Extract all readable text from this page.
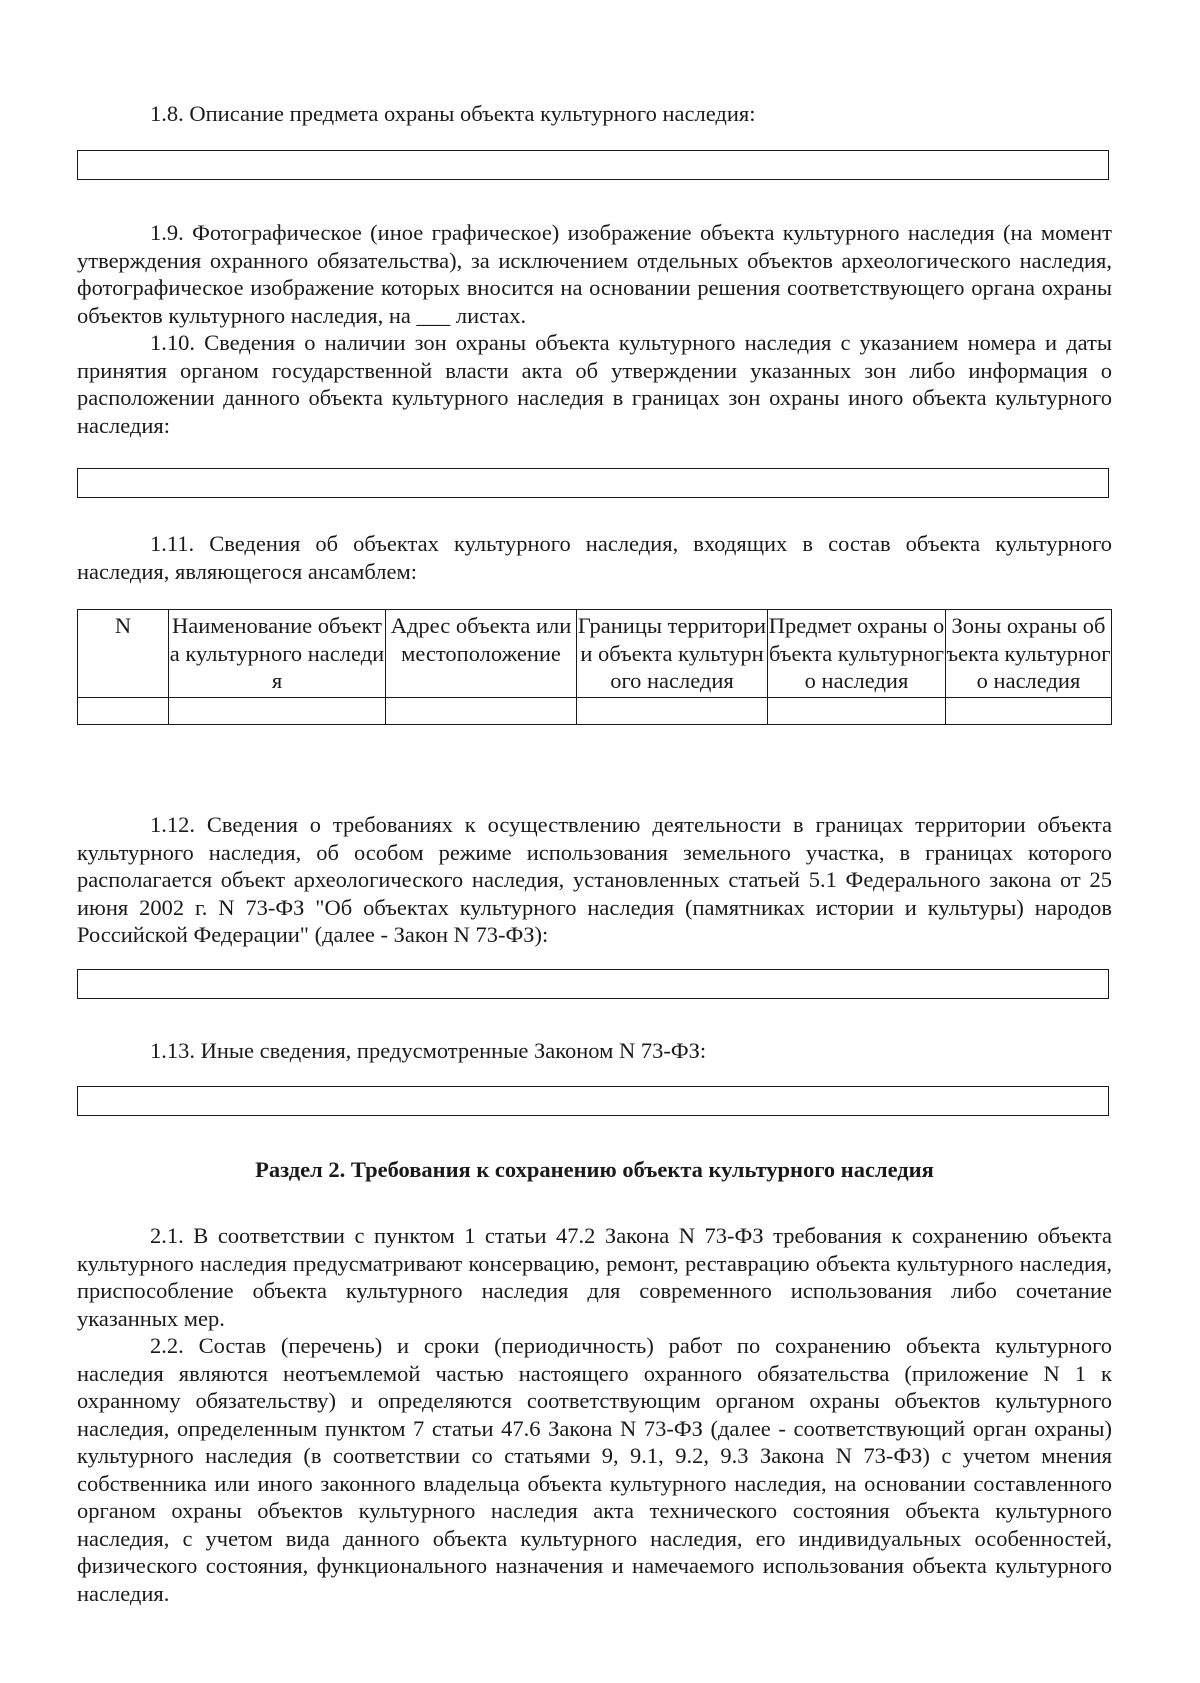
1.8. Описание предмета охраны объекта культурного наследия:

1.9. Фотографическое (иное графическое) изображение объекта культурного наследия (на момент утверждения охранного обязательства), за исключением отдельных объектов археологического наследия, фотографическое изображение которых вносится на основании решения соответствующего органа охраны объектов культурного наследия, на ___ листах.

1.10. Сведения о наличии зон охраны объекта культурного наследия с указанием номера и даты принятия органом государственной власти акта об утверждении указанных зон либо информация о расположении данного объекта культурного наследия в границах зон охраны иного объекта культурного наследия:

1.11. Сведения об объектах культурного наследия, входящих в состав объекта культурного наследия, являющегося ансамблем:

N	Наименование объекта культурного наследия	Адрес объекта или местоположение	Границы территории объекта культурного наследия	Предмет охраны объекта культурного наследия	Зоны охраны объекта культурного наследия

1.12. Сведения о требованиях к осуществлению деятельности в границах территории объекта культурного наследия, об особом режиме использования земельного участка, в границах которого располагается объект археологического наследия, установленных статьей 5.1 Федерального закона от 25 июня 2002 г. N 73-ФЗ "Об объектах культурного наследия (памятниках истории и культуры) народов Российской Федерации" (далее - Закон N 73-ФЗ):

1.13. Иные сведения, предусмотренные Законом N 73-ФЗ:

Раздел 2. Требования к сохранению объекта культурного наследия

2.1. В соответствии с пунктом 1 статьи 47.2 Закона N 73-ФЗ требования к сохранению объекта культурного наследия предусматривают консервацию, ремонт, реставрацию объекта культурного наследия, приспособление объекта культурного наследия для современного использования либо сочетание указанных мер.

2.2. Состав (перечень) и сроки (периодичность) работ по сохранению объекта культурного наследия являются неотъемлемой частью настоящего охранного обязательства (приложение N 1 к охранному обязательству) и определяются соответствующим органом охраны объектов культурного наследия, определенным пунктом 7 статьи 47.6 Закона N 73-ФЗ (далее - соответствующий орган охраны) культурного наследия (в соответствии со статьями 9, 9.1, 9.2, 9.3 Закона N 73-ФЗ) с учетом мнения собственника или иного законного владельца объекта культурного наследия, на основании составленного органом охраны объектов культурного наследия акта технического состояния объекта культурного наследия, с учетом вида данного объекта культурного наследия, его индивидуальных особенностей, физического состояния, функционального назначения и намечаемого использования объекта культурного наследия.
